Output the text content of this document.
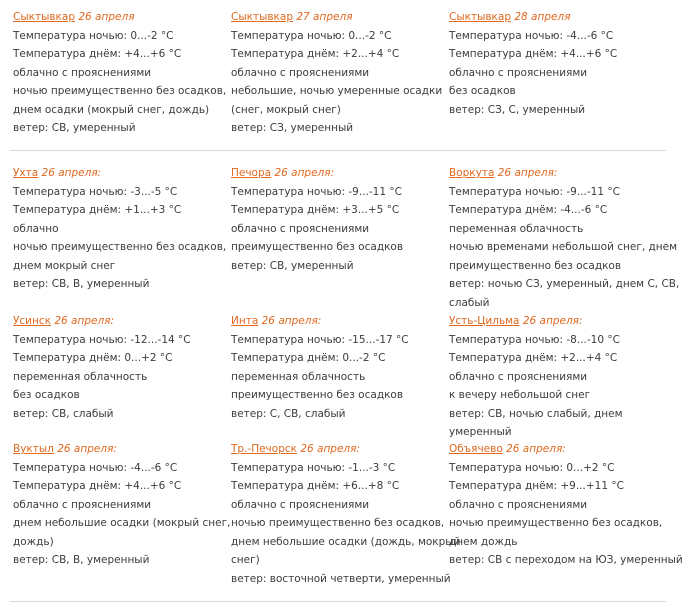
Сыктывкар 26 апреля
Температура ночью: 0...-2 °С
Температура днём: +4...+6 °С
облачно с прояснениями
ночью преимущественно без осадков,
днем осадки (мокрый снег, дождь)
ветер: СВ, умеренный
Сыктывкар 27 апреля
Температура ночью: 0...-2 °С
Температура днём: +2...+4 °С
облачно с прояснениями
небольшие, ночью умеренные осадки
(снег, мокрый снег)
ветер: СЗ, умеренный
Сыктывкар 28 апреля
Температура ночью: -4...-6 °С
Температура днём: +4...+6 °С
облачно с прояснениями
без осадков
ветер: СЗ, С, умеренный
Ухта 26 апреля:
Температура ночью: -3...-5 °С
Температура днём: +1...+3 °С
облачно
ночью преимущественно без осадков,
днем мокрый снег
ветер: СВ, В, умеренный
Печора 26 апреля:
Температура ночью: -9...-11 °С
Температура днём: +3...+5 °С
облачно с прояснениями
преимущественно без осадков
ветер: СВ, умеренный
Воркута 26 апреля:
Температура ночью: -9...-11 °С
Температура днём: -4...-6 °С
переменная облачность
ночью временами небольшой снег, днем
преимущественно без осадков
ветер: ночью СЗ, умеренный, днем С, СВ,
слабый
Усинск 26 апреля:
Температура ночью: -12...-14 °С
Температура днём: 0...+2 °С
переменная облачность
без осадков
ветер: СВ, слабый
Инта 26 апреля:
Температура ночью: -15...-17 °С
Температура днём: 0...-2 °С
переменная облачность
преимущественно без осадков
ветер: С, СВ, слабый
Усть-Цильма 26 апреля:
Температура ночью: -8...-10 °С
Температура днём: +2...+4 °С
облачно с прояснениями
к вечеру небольшой снег
ветер: СВ, ночью слабый, днем
умеренный
Вуктыл 26 апреля:
Температура ночью: -4...-6 °С
Температура днём: +4...+6 °С
облачно с прояснениями
днем небольшие осадки (мокрый снег,
дождь)
ветер: СВ, В, умеренный
Тр.-Печорск 26 апреля:
Температура ночью: -1...-3 °С
Температура днём: +6...+8 °С
облачно с прояснениями
ночью преимущественно без осадков,
днем небольшие осадки (дождь, мокрый
снег)
ветер: восточной четверти, умеренный
Объячево 26 апреля:
Температура ночью: 0...+2 °С
Температура днём: +9...+11 °С
облачно с прояснениями
ночью преимущественно без осадков,
днем дождь
ветер: СВ с переходом на ЮЗ, умеренный
